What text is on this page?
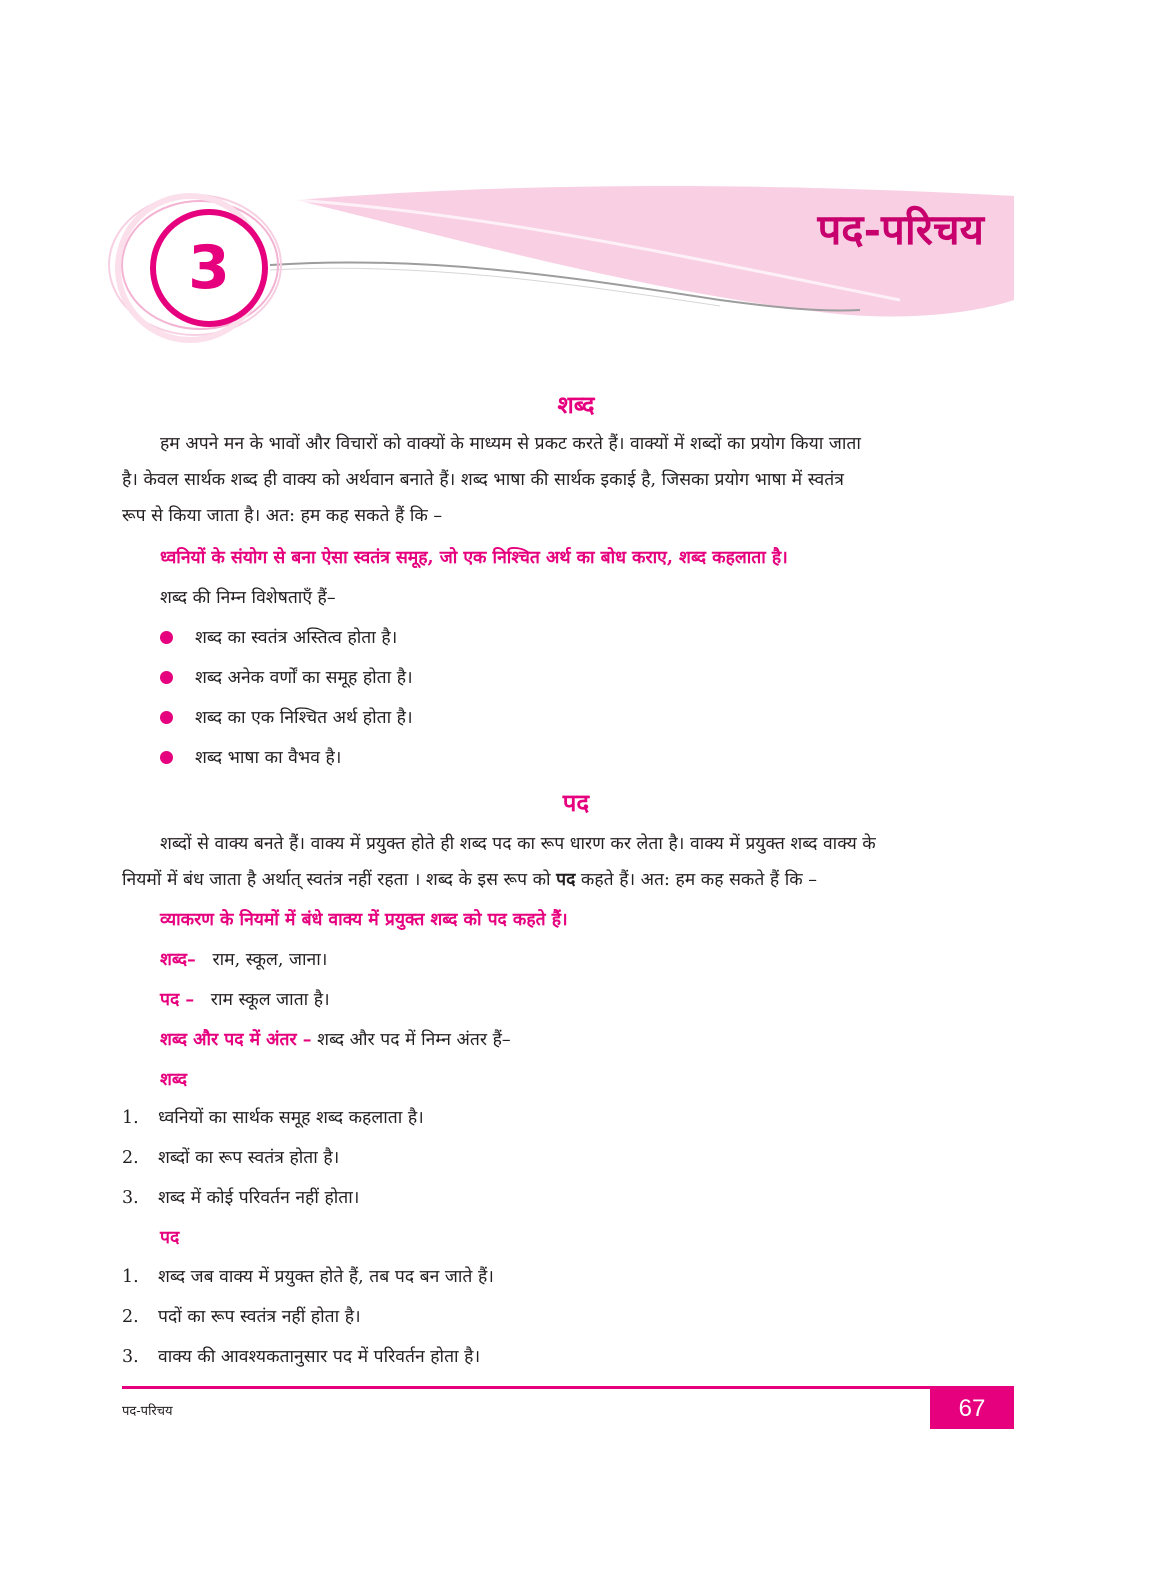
3
पद-परिचय
शब्द
हम अपने मन के भावों और विचारों को वाक्यों के माध्यम से प्रकट करते हैं। वाक्यों में शब्दों का प्रयोग किया जाता
है। केवल सार्थक शब्द ही वाक्य को अर्थवान बनाते हैं। शब्द भाषा की सार्थक इकाई है, जिसका प्रयोग भाषा में स्वतंत्र
रूप से किया जाता है। अत: हम कह सकते हैं कि –
ध्वनियों के संयोग से बना ऐसा स्वतंत्र समूह, जो एक निश्चित अर्थ का बोध कराए, शब्द कहलाता है।
शब्द की निम्न विशेषताएँ हैं–
शब्द का स्वतंत्र अस्तित्व होता है।
शब्द अनेक वर्णों का समूह होता है।
शब्द का एक निश्चित अर्थ होता है।
शब्द भाषा का वैभव है।
पद
शब्दों से वाक्य बनते हैं। वाक्य में प्रयुक्त होते ही शब्द पद का रूप धारण कर लेता है। वाक्य में प्रयुक्त शब्द वाक्य के
नियमों में बंध जाता है अर्थात् स्वतंत्र नहीं रहता । शब्द के इस रूप को पद कहते हैं। अत: हम कह सकते हैं कि –
व्याकरण के नियमों में बंधे वाक्य में प्रयुक्त शब्द को पद कहते हैं।
शब्द– राम, स्कूल, जाना।
पद – राम स्कूल जाता है।
शब्द और पद में अंतर – शब्द और पद में निम्न अंतर हैं–
शब्द
1. ध्वनियों का सार्थक समूह शब्द कहलाता है।
2. शब्दों का रूप स्वतंत्र होता है।
3. शब्द में कोई परिवर्तन नहीं होता।
पद
1. शब्द जब वाक्य में प्रयुक्त होते हैं, तब पद बन जाते हैं।
2. पदों का रूप स्वतंत्र नहीं होता है।
3. वाक्य की आवश्यकतानुसार पद में परिवर्तन होता है।
पद-परिचय	67
